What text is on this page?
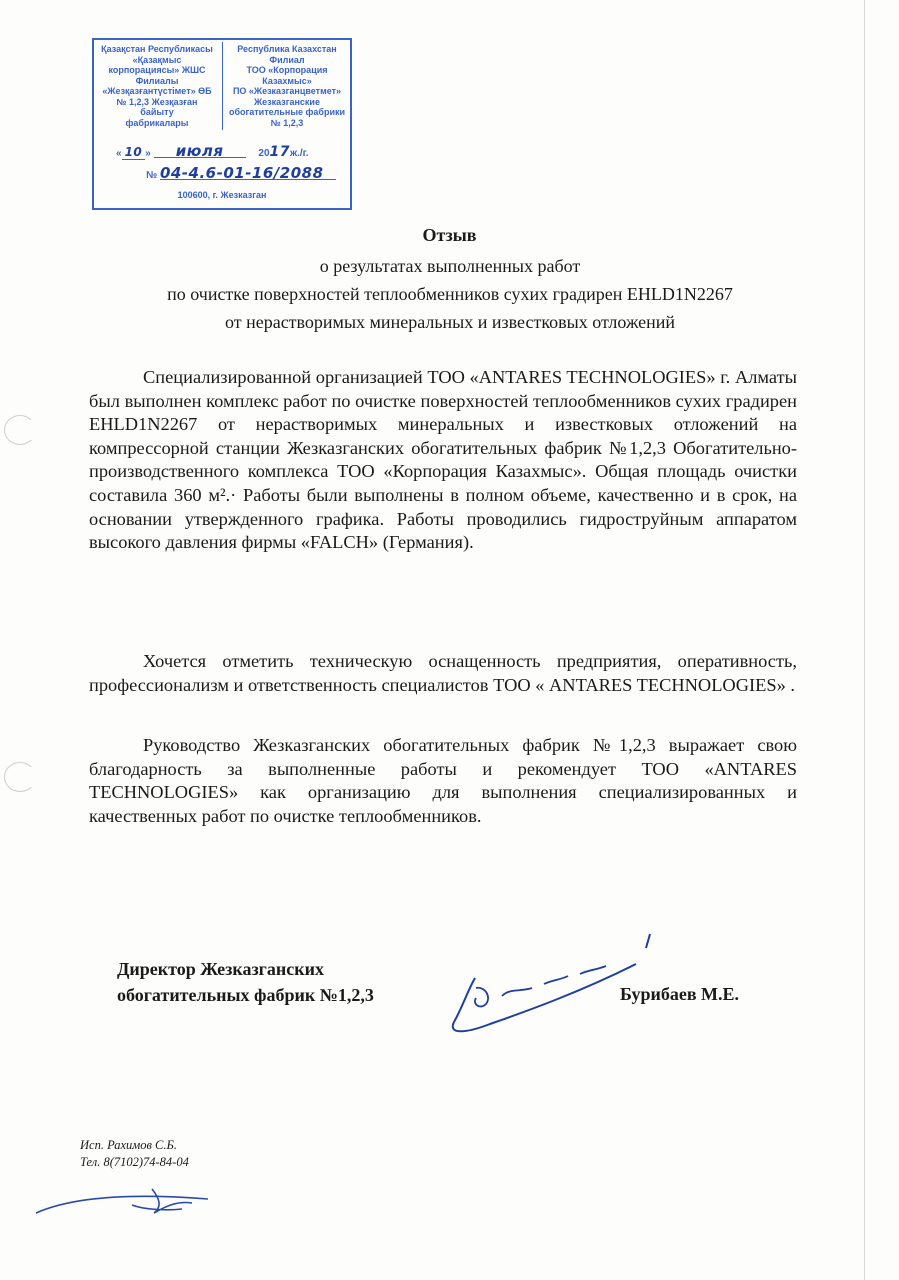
Қазақстан Республикасы
«Қазақмыс
корпорациясы» ЖШС
Филиалы
«Жезқазғантүстімет» ӨБ
№ 1,2,3 Жезқазған
байыту
фабрикалары
Республика Казахстан
Филиал
ТОО «Корпорация
Казахмыс»
ПО «Жезказганцветмет»
Жезказганские
обогатительные фабрики
№ 1,2,3
« 10 » июля	2017ж./г.
№ 04-4.6-01-16/2088
100600, г. Жезказган
Отзыв
о результатах выполненных работ
по очистке поверхностей теплообменников сухих градирен EHLD1N2267
от нерастворимых минеральных и известковых отложений

Специализированной организацией ТОО «ANTARES TECHNOLOGIES» г. Алматы был выполнен комплекс работ по очистке поверхностей теплообменников сухих градирен EHLD1N2267 от нерастворимых минеральных и известковых отложений на компрессорной станции Жезказганских обогатительных фабрик №1,2,3 Обогатительно-производственного комплекса ТОО «Корпорация Казахмыс». Общая площадь очистки составила 360 м².· Работы были выполнены в полном объеме, качественно и в срок, на основании утвержденного графика. Работы проводились гидроструйным аппаратом высокого давления фирмы «FALCH» (Германия).

Хочется отметить техническую оснащенность предприятия, оперативность, профессионализм и ответственность специалистов ТОО « ANTARES TECHNOLOGIES» .

Руководство Жезказганских обогатительных фабрик №1,2,3 выражает свою благодарность за выполненные работы и рекомендует ТОО «ANTARES TECHNOLOGIES» как организацию для выполнения специализированных и качественных работ по очистке теплообменников.

Директор Жезказганских
обогатительных фабрик №1,2,3	Бурибаев М.Е.
Исп. Рахимов С.Б.
Тел. 8(7102)74-84-04
